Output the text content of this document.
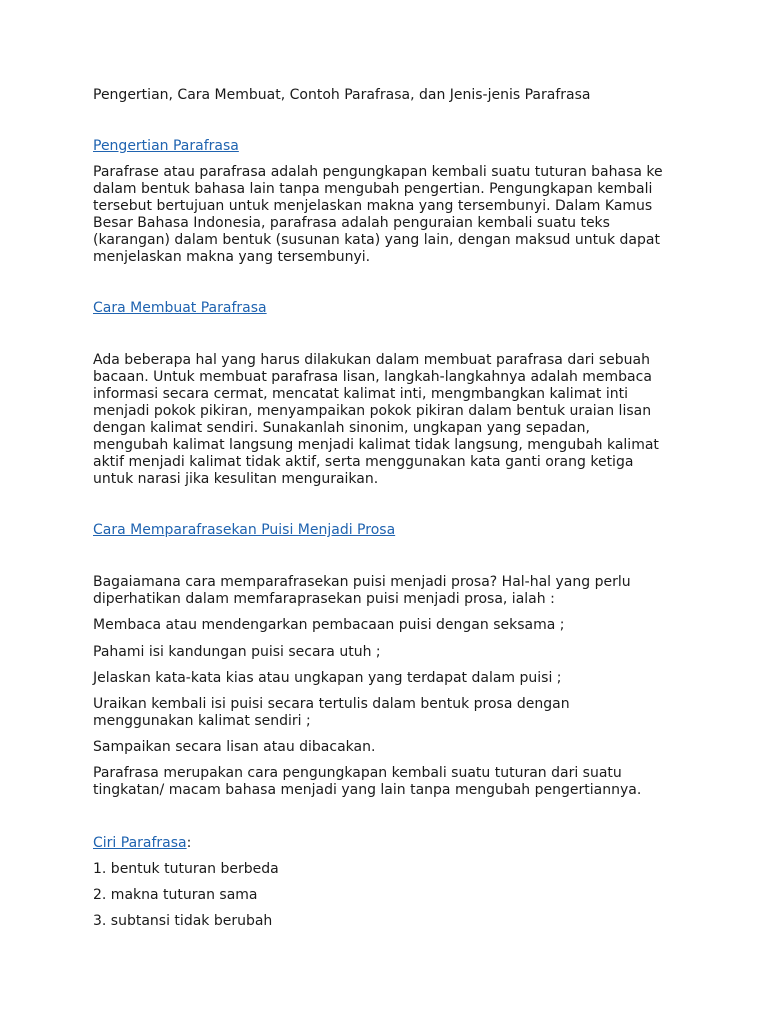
Pengertian, Cara Membuat, Contoh Parafrasa, dan Jenis-jenis Parafrasa

Pengertian Parafrasa

Parafrase atau parafrasa adalah pengungkapan kembali suatu tuturan bahasa ke
dalam bentuk bahasa lain tanpa mengubah pengertian. Pengungkapan kembali
tersebut bertujuan untuk menjelaskan makna yang tersembunyi. Dalam Kamus
Besar Bahasa Indonesia, parafrasa adalah penguraian kembali suatu teks
(karangan) dalam bentuk (susunan kata) yang lain, dengan maksud untuk dapat
menjelaskan makna yang tersembunyi.

Cara Membuat Parafrasa

Ada beberapa hal yang harus dilakukan dalam membuat parafrasa dari sebuah
bacaan. Untuk membuat parafrasa lisan, langkah-langkahnya adalah membaca
informasi secara cermat, mencatat kalimat inti, mengmbangkan kalimat inti
menjadi pokok pikiran, menyampaikan pokok pikiran dalam bentuk uraian lisan
dengan kalimat sendiri. Sunakanlah sinonim, ungkapan yang sepadan,
mengubah kalimat langsung menjadi kalimat tidak langsung, mengubah kalimat
aktif menjadi kalimat tidak aktif, serta menggunakan kata ganti orang ketiga
untuk narasi jika kesulitan menguraikan.

Cara Memparafrasekan Puisi Menjadi Prosa

Bagaiamana cara memparafrasekan puisi menjadi prosa? Hal-hal yang perlu
diperhatikan dalam memfaraprasekan puisi menjadi prosa, ialah :

Membaca atau mendengarkan pembacaan puisi dengan seksama ;

Pahami isi kandungan puisi secara utuh ;

Jelaskan kata-kata kias atau ungkapan yang terdapat dalam puisi ;

Uraikan kembali isi puisi secara tertulis dalam bentuk prosa dengan
menggunakan kalimat sendiri ;

Sampaikan secara lisan atau dibacakan.

Parafrasa merupakan cara pengungkapan kembali suatu tuturan dari suatu
tingkatan/ macam bahasa menjadi yang lain tanpa mengubah pengertiannya.

Ciri Parafrasa:

1. bentuk tuturan berbeda

2. makna tuturan sama

3. subtansi tidak berubah
